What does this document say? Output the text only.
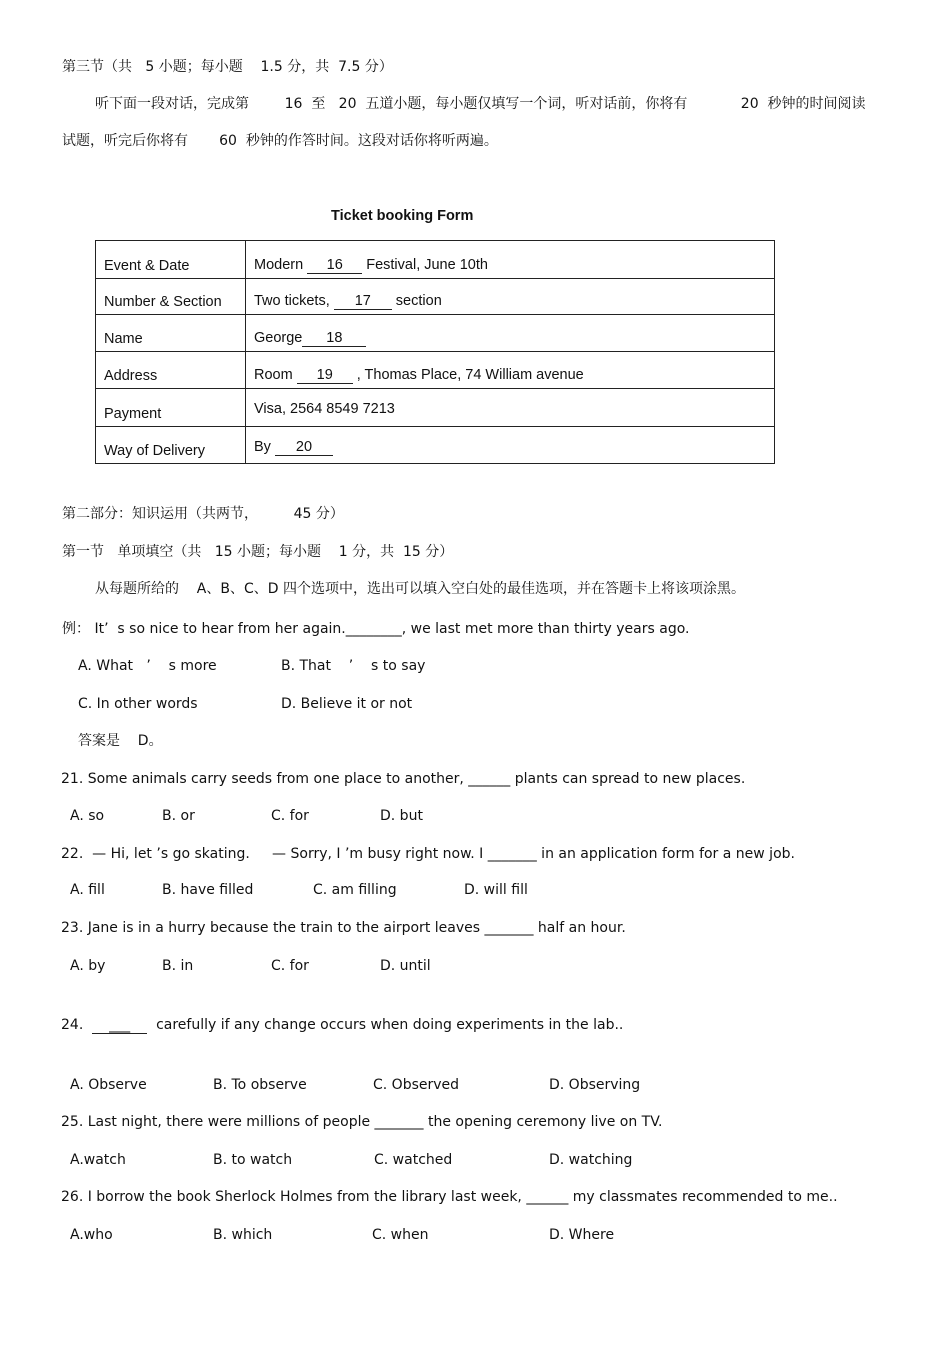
第三节（共   5 小题；每小题    1.5 分，共  7.5 分）
听下面一段对话，完成第        16  至   20  五道小题，每小题仅填写一个词，听对话前，你将有            20  秒钟的时间阅读
试题，听完后你将有       60  秒钟的作答时间。这段对话你将听两遍。
Ticket booking Form
Event & Date	Modern 16 Festival, June 10th
Number & Section	Two tickets, 17 section
Name	George 18
Address	Room 19 , Thomas Place, 74 William avenue
Payment	Visa, 2564 8549 7213
Way of Delivery	By 20
第二部分：知识运用（共两节，        45 分）
第一节   单项填空（共   15 小题；每小题    1 分，共  15 分）
从每题所给的    A、B、C、D 四个选项中，选出可以填入空白处的最佳选项，并在答题卡上将该项涂黑。
例： It’  s so nice to hear from her again.________, we last met more than thirty years ago.
A. What   ’    s more	B. That    ’    s to say
C. In other words	D. Believe it or not
答案是    D。
21. Some animals carry seeds from one place to another, ______ plants can spread to new places.
A. so	B. or	C. for	D. but
22.  — Hi, let ’s go skating.     — Sorry, I ’m busy right now. I _______ in an application form for a new job.
A. fill	B. have filled	C. am filling	D. will fill
23. Jane is in a hurry because the train to the airport leaves _______ half an hour.
A. by	B. in	C. for	D. until
24.  ___  carefully if any change occurs when doing experiments in the lab..
A. Observe	B. To observe	C. Observed	D. Observing
25. Last night, there were millions of people _______ the opening ceremony live on TV.
A.watch	B. to watch	C. watched	D. watching
26. I borrow the book Sherlock Holmes from the library last week, ______ my classmates recommended to me..
A.who	B. which	C. when	D. Where
